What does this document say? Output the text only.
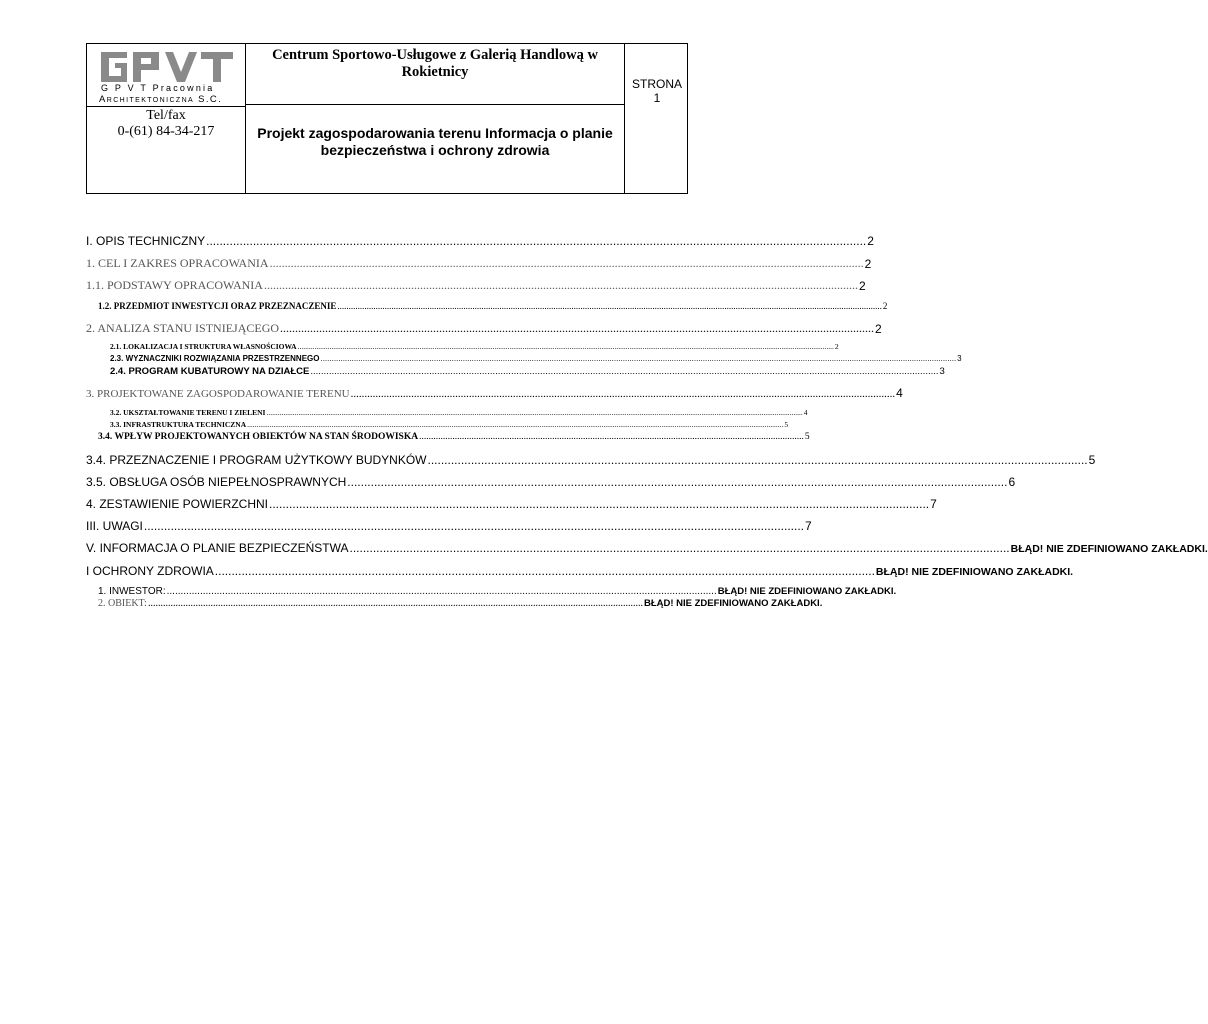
G P V T Pracownia
Architektoniczna S.C.
Tel/fax
0-(61) 84-34-217
Centrum Sportowo-Usługowe z Galerią Handlową w Rokietnicy
Projekt zagospodarowania terenu Informacja o planie bezpieczeństwa i ochrony zdrowia
STRONA
1
I. OPIS TECHNICZNY ...................................................................................................................................................................................................... 2
1. CEL I ZAKRES OPRACOWANIA ...................................................................................................................................................................................................... 2
1.1. PODSTAWY OPRACOWANIA ...................................................................................................................................................................................................... 2
1.2. PRZEDMIOT INWESTYCJI ORAZ PRZEZNACZENIE .................................................................................................................................................................................................................................................. 2
2. ANALIZA STANU ISTNIEJĄCEGO ...................................................................................................................................................................................................... 2
2.1. LOKALIZACJA I STRUKTURA WŁASNOŚCIOWA .............................................................................................................................................................................................................................................................................................. 2
2.3. WYZNACZNIKI ROZWIĄZANIA PRZESTRZENNEGO .............................................................................................................................................................................................................................................................................................. 3
2.4. PROGRAM KUBATUROWY NA DZIAŁCE .............................................................................................................................................................................................................................................. 3
3. PROJEKTOWANE ZAGOSPODAROWANIE TERENU ...................................................................................................................................................................................................... 4
3.2. UKSZTAŁTOWANIE TERENU I ZIELENI .............................................................................................................................................................................................................................................................................................. 4
3.3. INFRASTRUKTURA TECHNICZNA .............................................................................................................................................................................................................................................................................................. 5
3.4. WPŁYW PROJEKTOWANYCH OBIEKTÓW NA STAN ŚRODOWISKA .................................................................................................................................................................. 5
3.4. PRZEZNACZENIE I PROGRAM UŻYTKOWY BUDYNKÓW ...................................................................................................................................................................................................... 5
3.5. OBSŁUGA OSÓB NIEPEŁNOSPRAWNYCH ...................................................................................................................................................................................................... 6
4. ZESTAWIENIE POWIERZCHNI ...................................................................................................................................................................................................... 7
III. UWAGI ...................................................................................................................................................................................................... 7
V. INFORMACJA O PLANIE BEZPIECZEŃSTWA ...................................................................................................................................................................................................... BŁĄD! NIE ZDEFINIOWANO ZAKŁADKI.
I OCHRONY ZDROWIA ...................................................................................................................................................................................................... BŁĄD! NIE ZDEFINIOWANO ZAKŁADKI.
1. INWESTOR: ...................................................................................................................................................................................................... BŁĄD! NIE ZDEFINIOWANO ZAKŁADKI.
2. OBIEKT: ...................................................................................................................................................................................................... BŁĄD! NIE ZDEFINIOWANO ZAKŁADKI.
